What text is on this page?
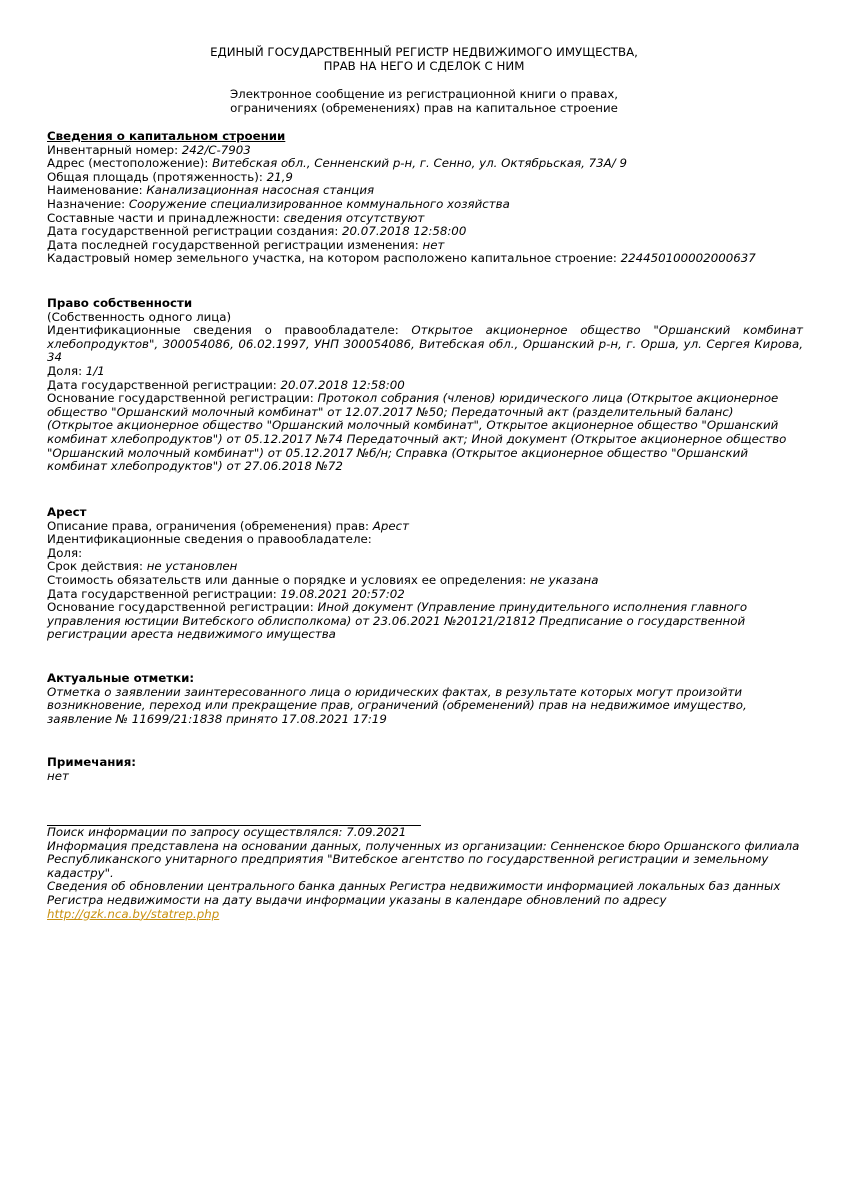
ЕДИНЫЙ ГОСУДАРСТВЕННЫЙ РЕГИСТР НЕДВИЖИМОГО ИМУЩЕСТВА,
ПРАВ НА НЕГО И СДЕЛОК С НИМ
Электронное сообщение из регистрационной книги о правах,
ограничениях (обременениях) прав на капитальное строение
Сведения о капитальном строении
Инвентарный номер: 242/С-7903
Адрес (местоположение): Витебская обл., Сенненский р-н, г. Сенно, ул. Октябрьская, 73А/ 9
Общая площадь (протяженность): 21,9
Наименование: Канализационная насосная станция
Назначение: Сооружение специализированное коммунального хозяйства
Составные части и принадлежности: сведения отсутствуют
Дата государственной регистрации создания: 20.07.2018 12:58:00
Дата последней государственной регистрации изменения: нет
Кадастровый номер земельного участка, на котором расположено капитальное строение: 224450100002000637
Право собственности
(Собственность одного лица)
Идентификационные сведения о правообладателе: Открытое акционерное общество "Оршанский комбинат хлебопродуктов", 300054086, 06.02.1997, УНП 300054086, Витебская обл., Оршанский р-н, г. Орша, ул. Сергея Кирова, 34
Доля: 1/1
Дата государственной регистрации: 20.07.2018 12:58:00
Основание государственной регистрации: Протокол собрания (членов) юридического лица (Открытое акционерное общество "Оршанский молочный комбинат" от 12.07.2017 №50; Передаточный акт (разделительный баланс) (Открытое акционерное общество "Оршанский молочный комбинат", Открытое акционерное общество "Оршанский комбинат хлебопродуктов") от 05.12.2017 №74 Передаточный акт; Иной документ (Открытое акционерное общество "Оршанский молочный комбинат") от 05.12.2017 №б/н; Справка (Открытое акционерное общество "Оршанский комбинат хлебопродуктов") от 27.06.2018 №72
Арест
Описание права, ограничения (обременения) прав: Арест
Идентификационные сведения о правообладателе:
Доля:
Срок действия: не установлен
Стоимость обязательств или данные о порядке и условиях ее определения: не указана
Дата государственной регистрации: 19.08.2021 20:57:02
Основание государственной регистрации: Иной документ (Управление принудительного исполнения главного управления юстиции Витебского облисполкома) от 23.06.2021 №20121/21812 Предписание о государственной регистрации ареста недвижимого имущества
Актуальные отметки:
Отметка о заявлении заинтересованного лица о юридических фактах, в результате которых могут произойти возникновение, переход или прекращение прав, ограничений (обременений) прав на недвижимое имущество, заявление № 11699/21:1838 принято 17.08.2021 17:19
Примечания:
нет
Поиск информации по запросу осуществлялся: 7.09.2021
Информация представлена на основании данных, полученных из организации: Сенненское бюро Оршанского филиала Республиканского унитарного предприятия "Витебское агентство по государственной регистрации и земельному кадастру".
Сведения об обновлении центрального банка данных Регистра недвижимости информацией локальных баз данных Регистра недвижимости на дату выдачи информации указаны в календаре обновлений по адресу
http://gzk.nca.by/statrep.php
